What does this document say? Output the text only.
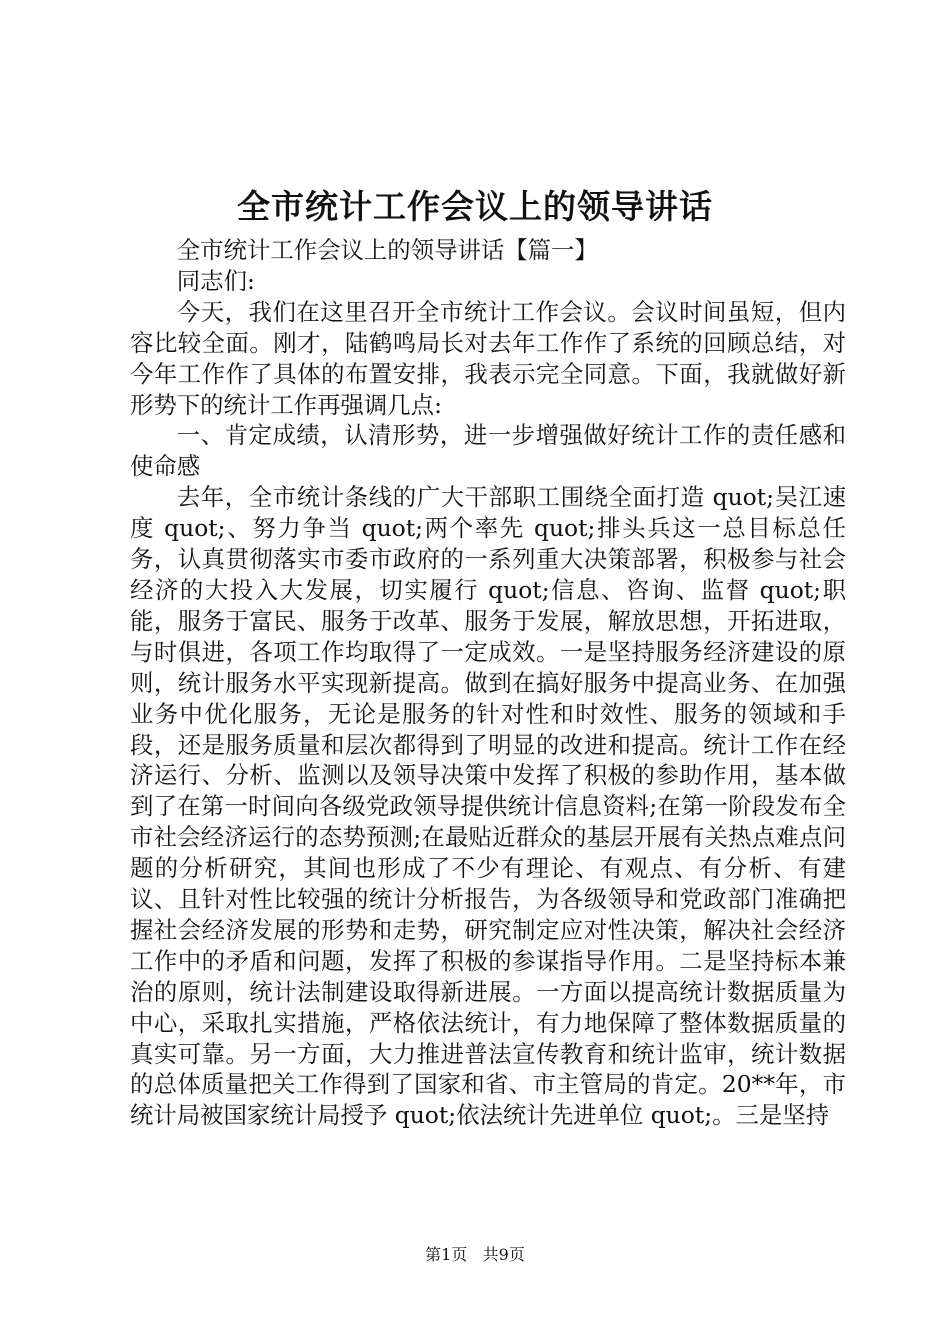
全市统计工作会议上的领导讲话

全市统计工作会议上的领导讲话【篇一】

同志们:

今天，我们在这里召开全市统计工作会议。会议时间虽短，但内容比较全面。刚才，陆鹤鸣局长对去年工作作了系统的回顾总结，对今年工作作了具体的布置安排，我表示完全同意。下面，我就做好新形势下的统计工作再强调几点:

一、肯定成绩，认清形势，进一步增强做好统计工作的责任感和使命感

去年，全市统计条线的广大干部职工围绕全面打造 quot;吴江速度 quot;、努力争当 quot;两个率先 quot;排头兵这一总目标总任务，认真贯彻落实市委市政府的一系列重大决策部署，积极参与社会经济的大投入大发展，切实履行 quot;信息、咨询、监督 quot;职能，服务于富民、服务于改革、服务于发展，解放思想，开拓进取，与时俱进，各项工作均取得了一定成效。一是坚持服务经济建设的原则，统计服务水平实现新提高。做到在搞好服务中提高业务、在加强业务中优化服务，无论是服务的针对性和时效性、服务的领域和手段，还是服务质量和层次都得到了明显的改进和提高。统计工作在经济运行、分析、监测以及领导决策中发挥了积极的参助作用，基本做到了在第一时间向各级党政领导提供统计信息资料;在第一阶段发布全市社会经济运行的态势预测;在最贴近群众的基层开展有关热点难点问题的分析研究，其间也形成了不少有理论、有观点、有分析、有建议、且针对性比较强的统计分析报告，为各级领导和党政部门准确把握社会经济发展的形势和走势，研究制定应对性决策，解决社会经济工作中的矛盾和问题，发挥了积极的参谋指导作用。二是坚持标本兼治的原则，统计法制建设取得新进展。一方面以提高统计数据质量为中心，采取扎实措施，严格依法统计，有力地保障了整体数据质量的真实可靠。另一方面，大力推进普法宣传教育和统计监审，统计数据的总体质量把关工作得到了国家和省、市主管局的肯定。20**年，市统计局被国家统计局授予 quot;依法统计先进单位 quot;。三是坚持

第1页 共9页
